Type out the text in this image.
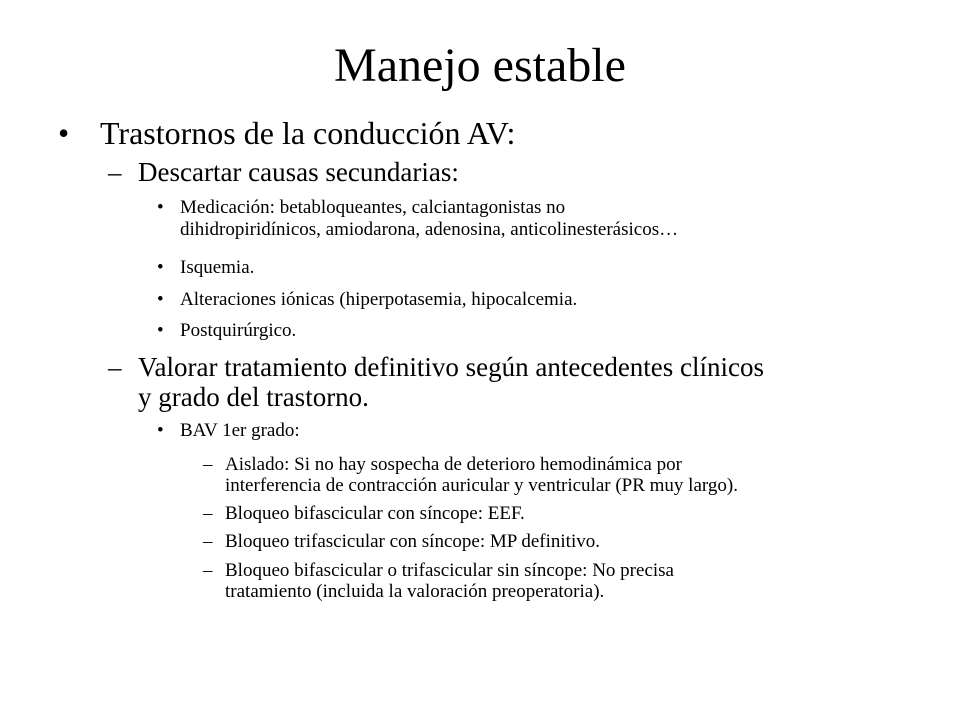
Manejo estable
• Trastornos de la conducción AV:
– Descartar causas secundarias:
• Medicación: betabloqueantes, calciantagonistas no
dihidropiridínicos, amiodarona, adenosina, anticolinesterásicos…
• Isquemia.
• Alteraciones iónicas (hiperpotasemia, hipocalcemia.
• Postquirúrgico.
– Valorar tratamiento definitivo según antecedentes clínicos
y grado del trastorno.
• BAV 1er grado:
– Aislado: Si no hay sospecha de deterioro hemodinámica por
interferencia de contracción auricular y ventricular (PR muy largo).
– Bloqueo bifascicular con síncope: EEF.
– Bloqueo trifascicular con síncope: MP definitivo.
– Bloqueo bifascicular o trifascicular sin síncope: No precisa
tratamiento (incluida la valoración preoperatoria).
